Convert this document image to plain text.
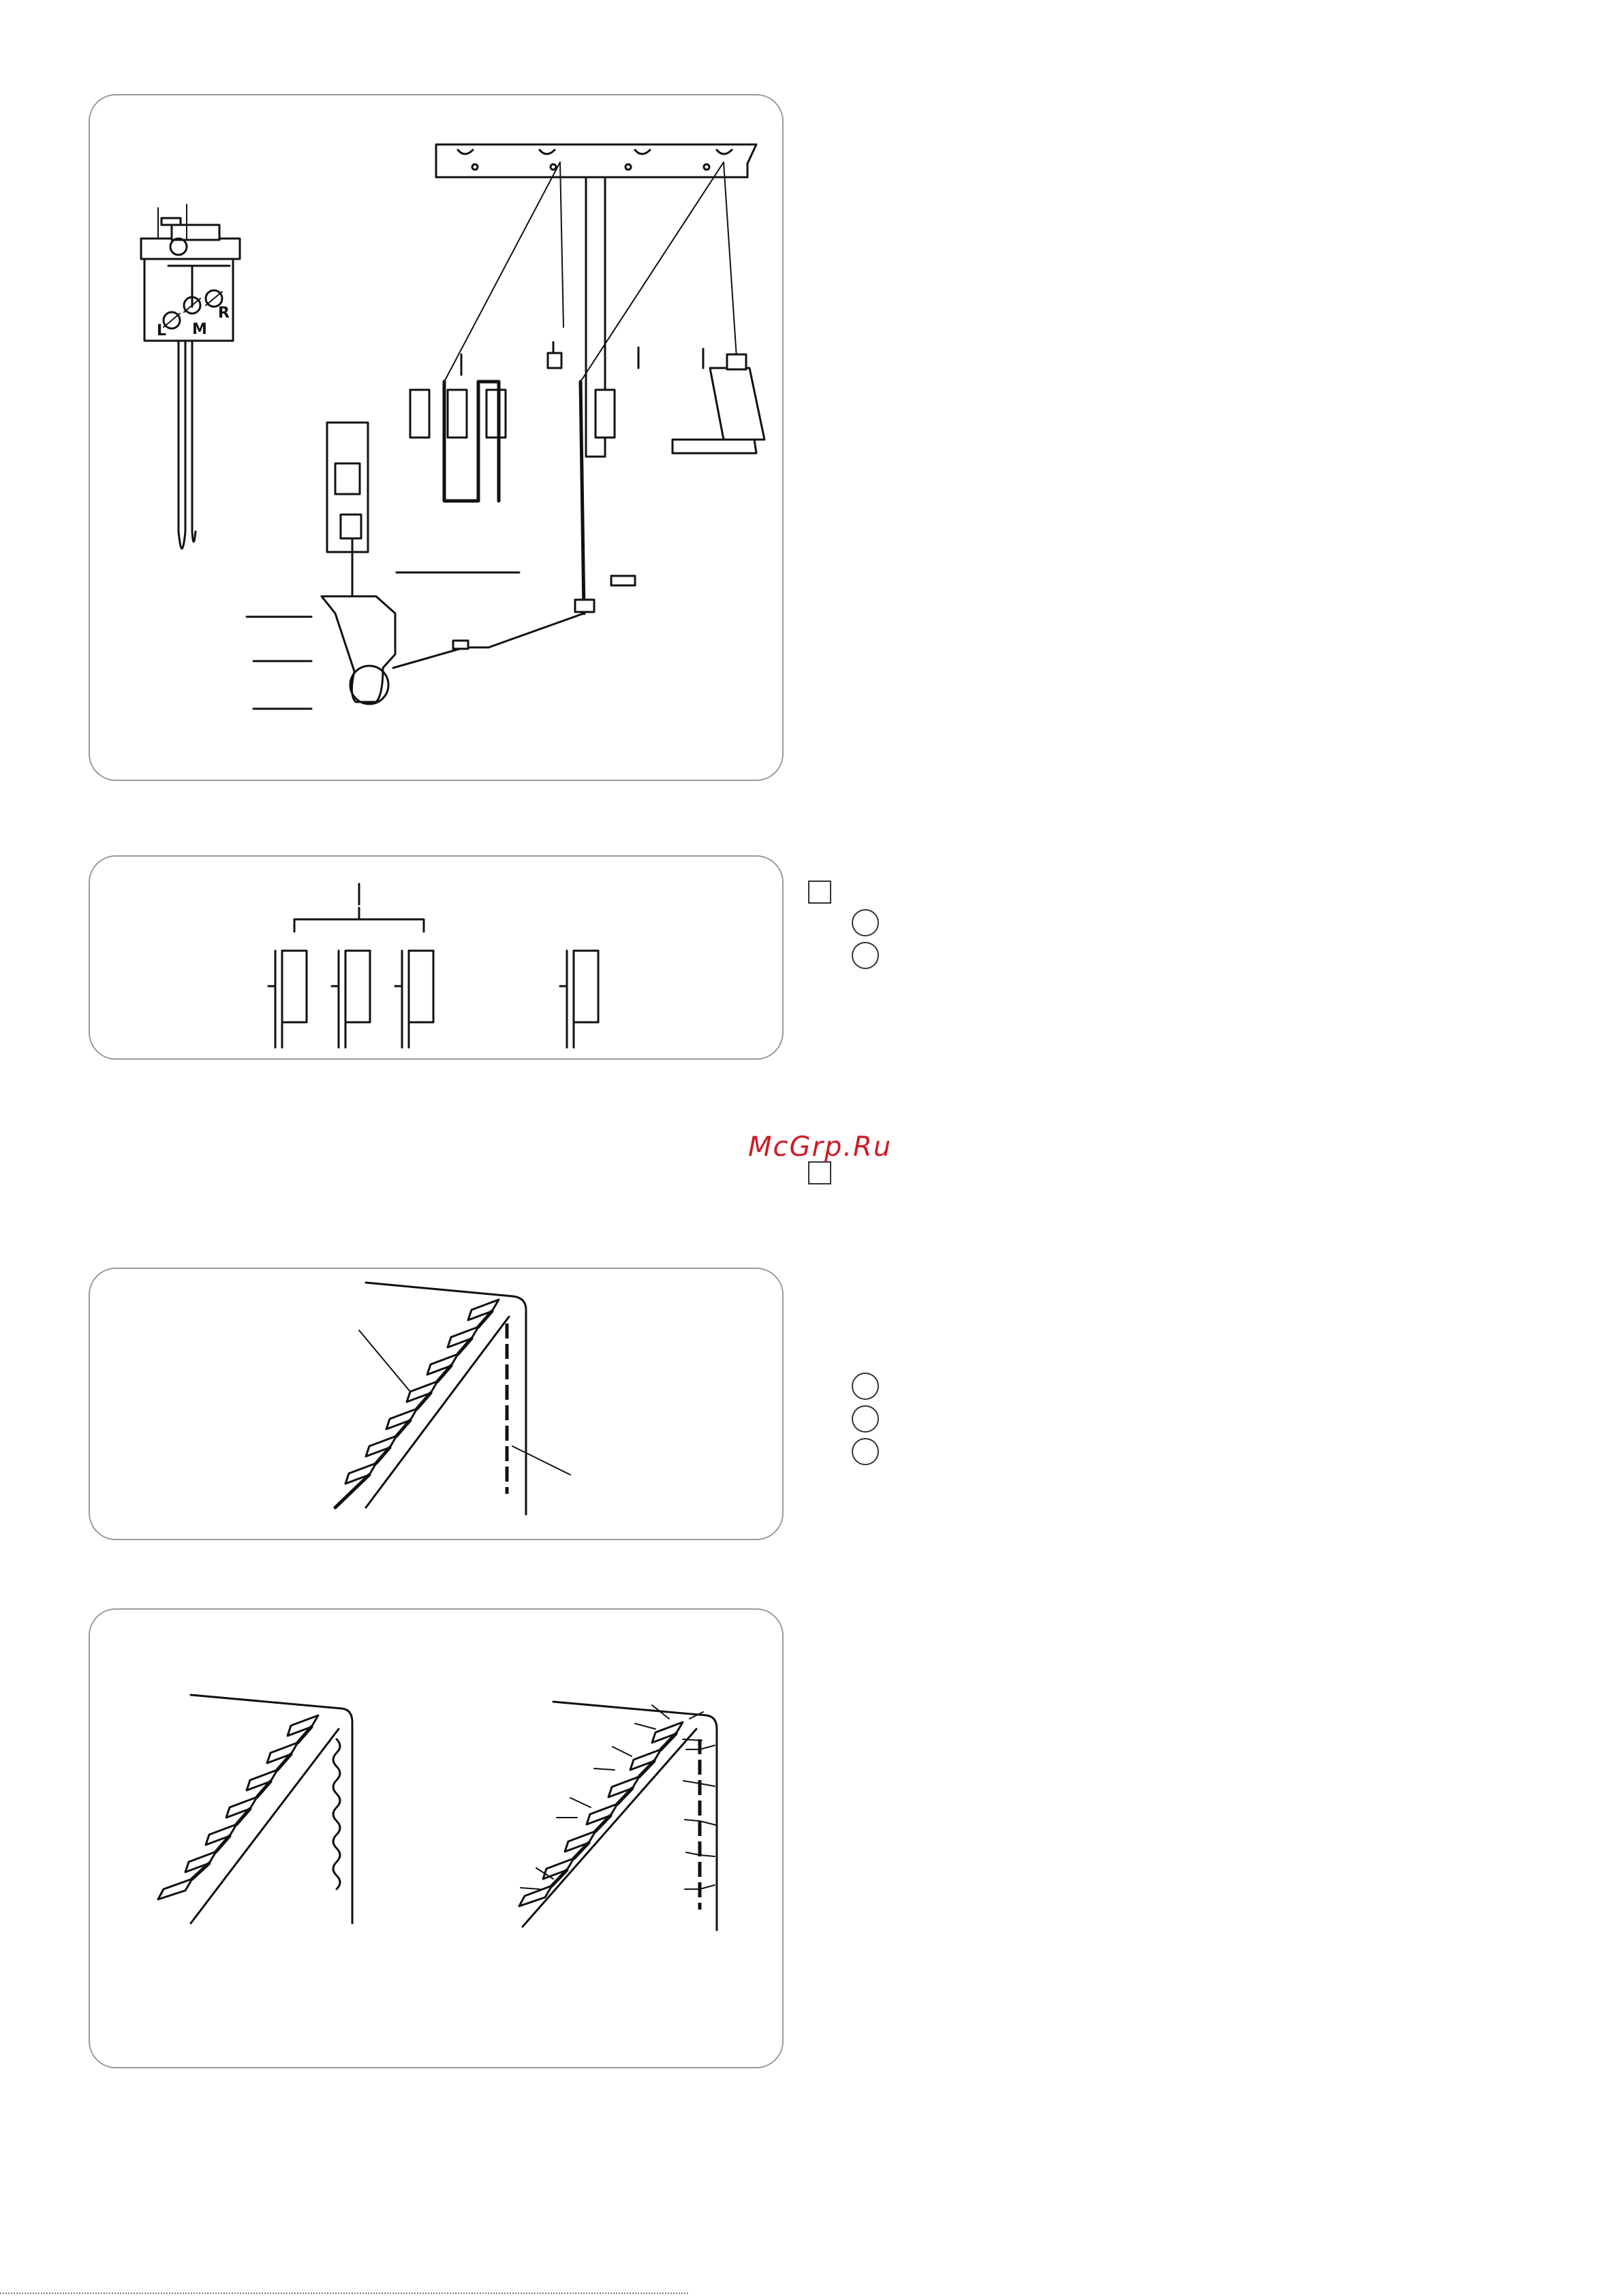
L M
R
McGrp.Ru
